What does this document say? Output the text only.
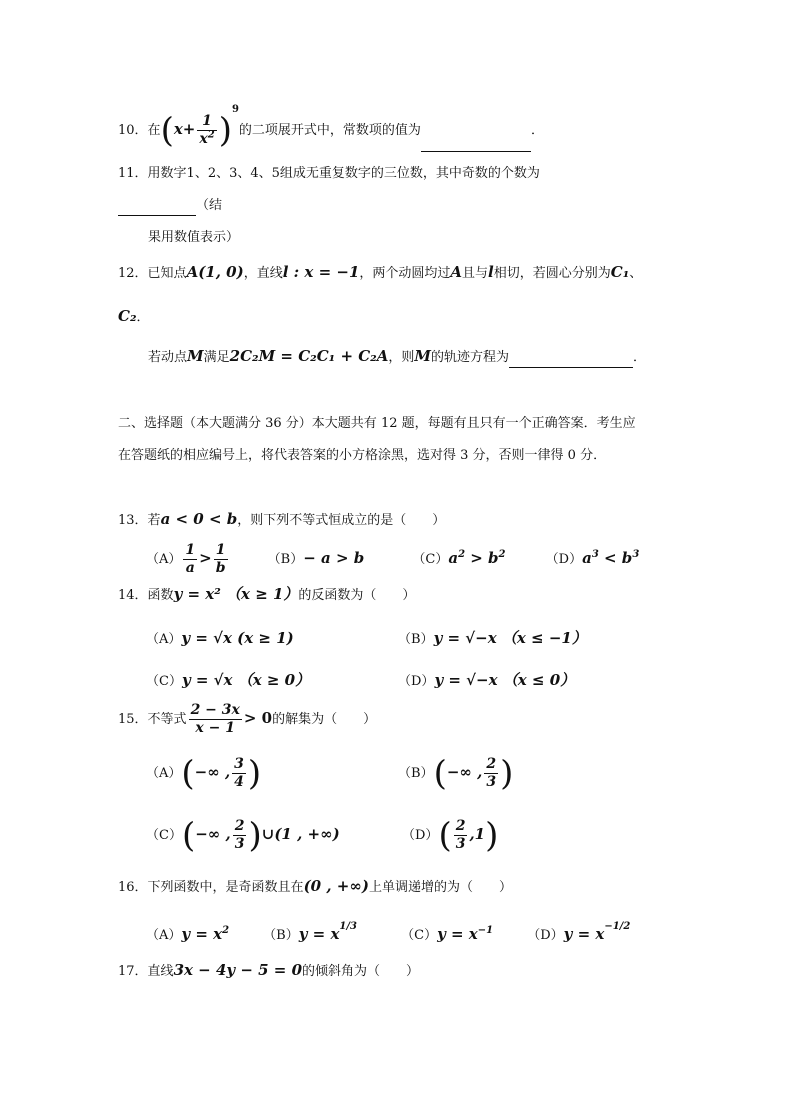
10．在$(x+ \frac{1}{x^2} )^9$的二项展开式中，常数项的值为	．
11．用数字1、2、3、4、5组成无重复数字的三位数，其中奇数的个数为
（结
果用数值表示）
12．已知点A(1, 0)，直线l : x = −1，两个动圆均过A且与l相切，若圆心分别为C₁、
C₂．
若动点M满足2C₂M = C₂C₁ + C₂A，则M的轨迹方程为	．
二、选择题（本大题满分 36 分）本大题共有 12 题，每题有且只有一个正确答案．考生应
在答题纸的相应编号上，将代表答案的小方格涂黑，选对得 3 分，否则一律得 0 分．
13．若a < 0 < b，则下列不等式恒成立的是（　　）
$(A) \frac{1}{a} > \frac{1}{b}$	（B）− a > b	$(C)a^2 > b^2$	$(D)a^3 < b^3$
14．函数y = x² （x ≥ 1）的反函数为（　　）
（A）y = √x (x ≥ 1)	（B）y = √−x （x ≤ −1）
（C）y = √x （x ≥ 0）	（D）y = √−x （x ≤ 0）
15．不等式 $\frac{2 - 3x}{x - 1} > 0$的解集为（　　）
（A）(−∞ , $\frac{3}{4}$ )	（B）(−∞ , $\frac{2}{3}$ )
（C）(−∞ , $\frac{2}{3}$ )∪(1 , +∞)	$(D)( \frac{2}{3} ,1)$
16．下列函数中，是奇函数且在(0 , +∞)上单调递增的为（　　）
$(A)y = x^2$	$(B)y = x^{1/3}$ $(C)y = x^{-1}$	$(D)y = x^{-1/2}$
17．直线3x − 4y − 5 = 0的倾斜角为（　　）
